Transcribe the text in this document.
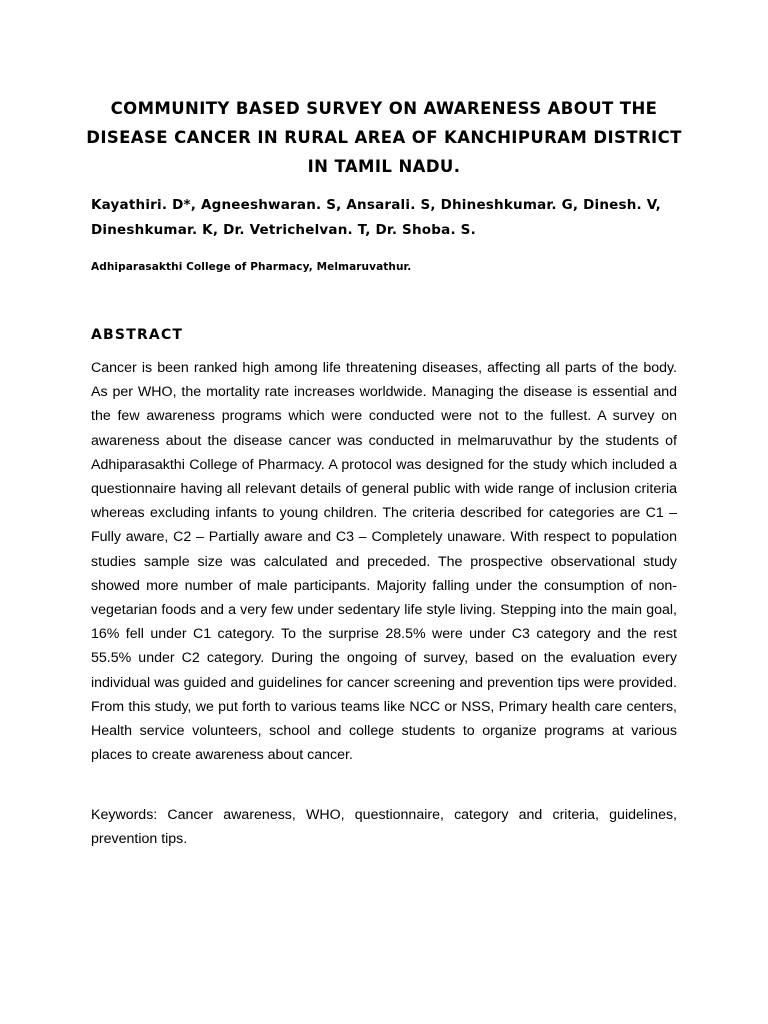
COMMUNITY BASED SURVEY ON AWARENESS ABOUT THE DISEASE CANCER IN RURAL AREA OF KANCHIPURAM DISTRICT IN TAMIL NADU.
Kayathiri. D*, Agneeshwaran. S, Ansarali. S, Dhineshkumar. G, Dinesh. V, Dineshkumar. K, Dr. Vetrichelvan. T, Dr. Shoba. S.
Adhiparasakthi College of Pharmacy, Melmaruvathur.
ABSTRACT

Cancer is been ranked high among life threatening diseases, affecting all parts of the body. As per WHO, the mortality rate increases worldwide. Managing the disease is essential and the few awareness programs which were conducted were not to the fullest. A survey on awareness about the disease cancer was conducted in melmaruvathur by the students of Adhiparasakthi College of Pharmacy. A protocol was designed for the study which included a questionnaire having all relevant details of general public with wide range of inclusion criteria whereas excluding infants to young children. The criteria described for categories are C1 – Fully aware, C2 – Partially aware and C3 – Completely unaware. With respect to population studies sample size was calculated and preceded. The prospective observational study showed more number of male participants. Majority falling under the consumption of non-vegetarian foods and a very few under sedentary life style living. Stepping into the main goal, 16% fell under C1 category. To the surprise 28.5% were under C3 category and the rest 55.5% under C2 category. During the ongoing of survey, based on the evaluation every individual was guided and guidelines for cancer screening and prevention tips were provided. From this study, we put forth to various teams like NCC or NSS, Primary health care centers, Health service volunteers, school and college students to organize programs at various places to create awareness about cancer.

Keywords: Cancer awareness, WHO, questionnaire, category and criteria, guidelines, prevention tips.
